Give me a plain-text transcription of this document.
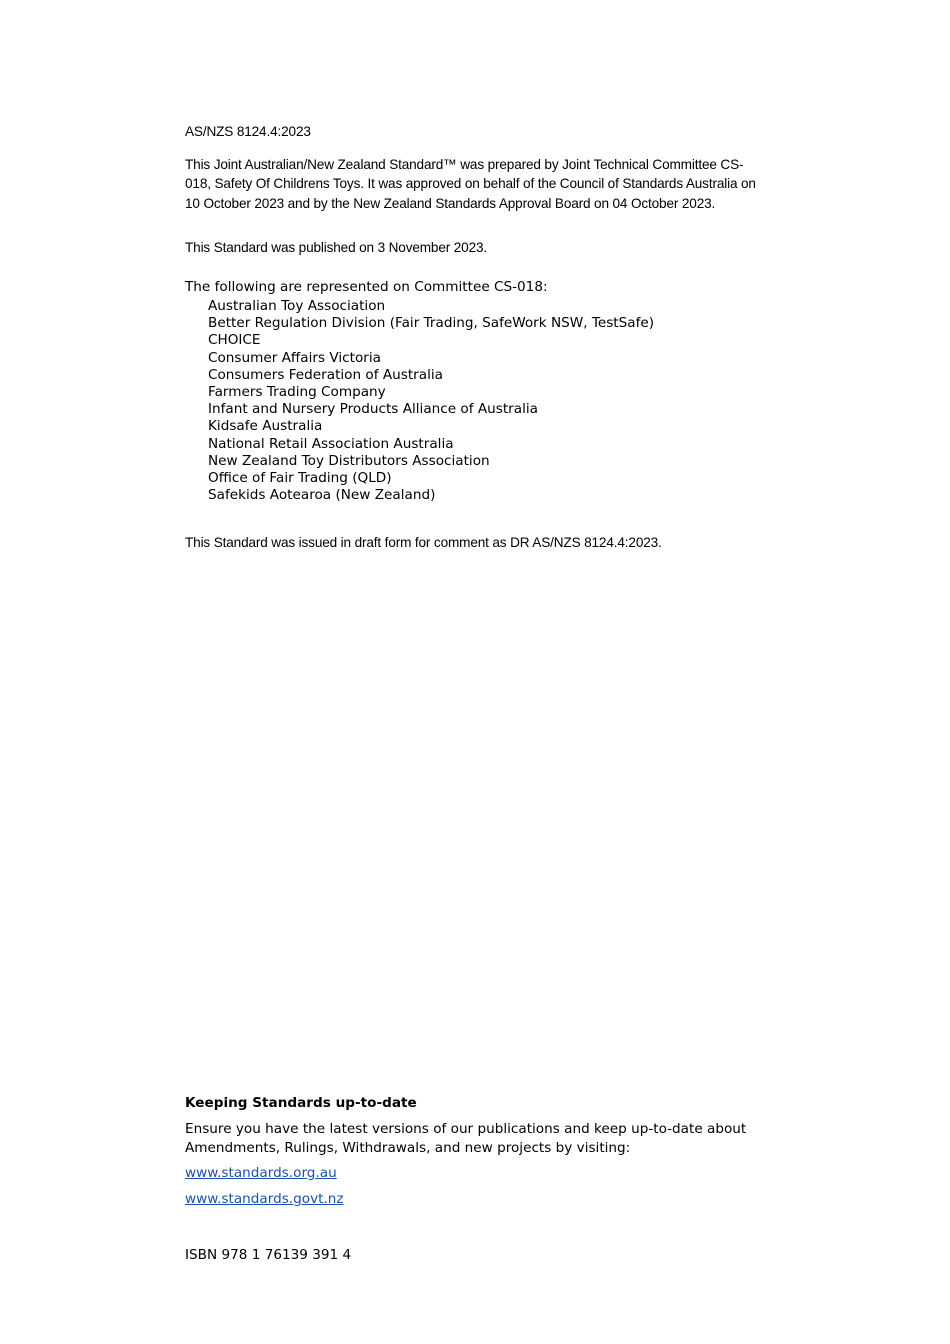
AS/NZS 8124.4:2023

This Joint Australian/New Zealand Standard™ was prepared by Joint Technical Committee CS-018, Safety Of Childrens Toys. It was approved on behalf of the Council of Standards Australia on 10 October 2023 and by the New Zealand Standards Approval Board on 04 October 2023.

This Standard was published on 3 November 2023.
The following are represented on Committee CS-018:
Australian Toy Association
Better Regulation Division (Fair Trading, SafeWork NSW, TestSafe)
CHOICE
Consumer Affairs Victoria
Consumers Federation of Australia
Farmers Trading Company
Infant and Nursery Products Alliance of Australia
Kidsafe Australia
National Retail Association Australia
New Zealand Toy Distributors Association
Office of Fair Trading (QLD)
Safekids Aotearoa (New Zealand)
This Standard was issued in draft form for comment as DR AS/NZS 8124.4:2023.
Keeping Standards up-to-date

Ensure you have the latest versions of our publications and keep up-to-date about Amendments, Rulings, Withdrawals, and new projects by visiting:

www.standards.org.au
www.standards.govt.nz
ISBN 978 1 76139 391 4
